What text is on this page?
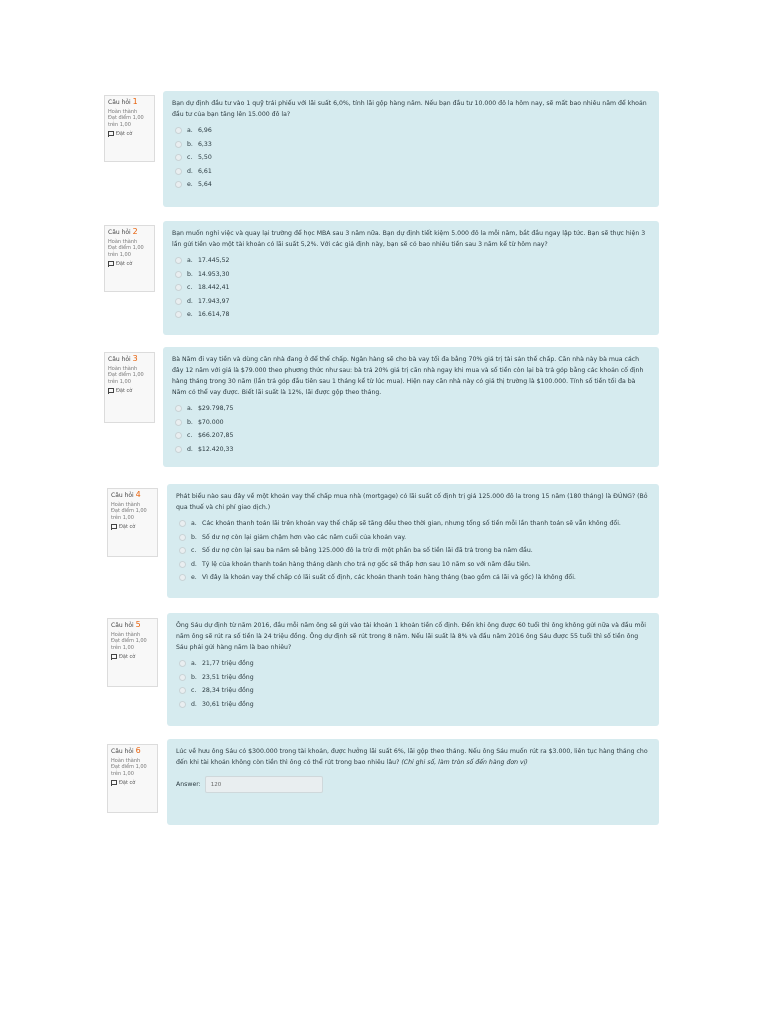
Câu hỏi 1
Hoàn thành
Đạt điểm 1,00
trên 1,00
Đặt cờ
Bạn dự định đầu tư vào 1 quỹ trái phiếu với lãi suất 6,0%, tính lãi gộp hàng năm. Nếu bạn đầu tư 10.000 đô la hôm nay, sẽ mất bao nhiêu năm để khoản đầu tư của bạn tăng lên 15.000 đô la?
a. 6,96
b. 6,33
c. 5,50
d. 6,61
e. 5,64
Câu hỏi 2
Hoàn thành
Đạt điểm 1,00
trên 1,00
Đặt cờ
Bạn muốn nghỉ việc và quay lại trường để học MBA sau 3 năm nữa. Bạn dự định tiết kiệm 5.000 đô la mỗi năm, bắt đầu ngay lập tức. Bạn sẽ thực hiện 3 lần gửi tiền vào một tài khoản có lãi suất 5,2%. Với các giả định này, bạn sẽ có bao nhiêu tiền sau 3 năm kể từ hôm nay?
a. 17.445,52
b. 14.953,30
c. 18.442,41
d. 17.943,97
e. 16.614,78
Câu hỏi 3
Hoàn thành
Đạt điểm 1,00
trên 1,00
Đặt cờ
Bà Năm đi vay tiền và dùng căn nhà đang ở để thế chấp. Ngân hàng sẽ cho bà vay tối đa bằng 70% giá trị tài sản thế chấp. Căn nhà này bà mua cách đây 12 năm với giá là $79.000 theo phương thức như sau: bà trả 20% giá trị căn nhà ngay khi mua và số tiền còn lại bà trả góp bằng các khoản cố định hàng tháng trong 30 năm (lần trả góp đầu tiên sau 1 tháng kể từ lúc mua). Hiện nay căn nhà này có giá thị trường là $100.000. Tính số tiền tối đa bà Năm có thể vay được. Biết lãi suất là 12%, lãi được gộp theo tháng.
a. $29.798,75
b. $70.000
c. $66.207,85
d. $12.420,33
Câu hỏi 4
Hoàn thành
Đạt điểm 1,00
trên 1,00
Đặt cờ
Phát biểu nào sau đây về một khoản vay thế chấp mua nhà (mortgage) có lãi suất cố định trị giá 125.000 đô la trong 15 năm (180 tháng) là ĐÚNG? (Bỏ qua thuế và chi phí giao dịch.)
a. Các khoản thanh toán lãi trên khoản vay thế chấp sẽ tăng đều theo thời gian, nhưng tổng số tiền mỗi lần thanh toán sẽ vẫn không đổi.
b. Số dư nợ còn lại giảm chậm hơn vào các năm cuối của khoản vay.
c. Số dư nợ còn lại sau ba năm sẽ bằng 125.000 đô la trừ đi một phần ba số tiền lãi đã trả trong ba năm đầu.
d. Tỷ lệ của khoản thanh toán hàng tháng dành cho trả nợ gốc sẽ thấp hơn sau 10 năm so với năm đầu tiên.
e. Vì đây là khoản vay thế chấp có lãi suất cố định, các khoản thanh toán hàng tháng (bao gồm cả lãi và gốc) là không đổi.
Câu hỏi 5
Hoàn thành
Đạt điểm 1,00
trên 1,00
Đặt cờ
Ông Sáu dự định từ năm 2016, đầu mỗi năm ông sẽ gửi vào tài khoản 1 khoản tiền cố định. Đến khi ông được 60 tuổi thì ông không gửi nữa và đầu mỗi năm ông sẽ rút ra số tiền là 24 triệu đồng. Ông dự định sẽ rút trong 8 năm. Nếu lãi suất là 8% và đầu năm 2016 ông Sáu được 55 tuổi thì số tiền ông Sáu phải gửi hàng năm là bao nhiêu?
a. 21,77 triệu đồng
b. 23,51 triệu đồng
c. 28,34 triệu đồng
d. 30,61 triệu đồng
Câu hỏi 6
Hoàn thành
Đạt điểm 1,00
trên 1,00
Đặt cờ
Lúc về hưu ông Sáu có $300.000 trong tài khoản, được hưởng lãi suất 6%, lãi gộp theo tháng. Nếu ông Sáu muốn rút ra $3.000, liên tục hàng tháng cho đến khi tài khoản không còn tiền thì ông có thể rút trong bao nhiêu lâu? (Chỉ ghi số, làm tròn số đến hàng đơn vị)
Answer:	120
